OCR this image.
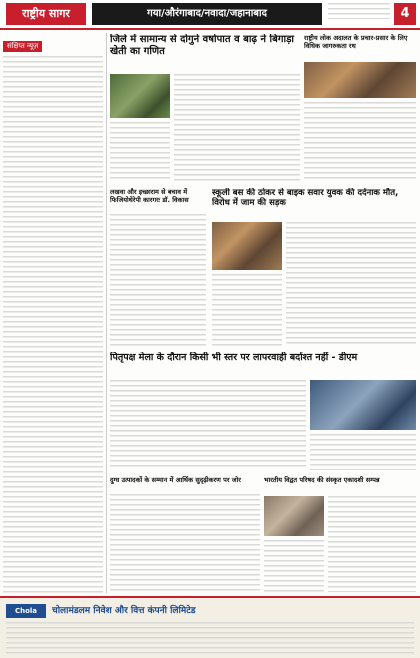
राष्ट्रीय सागर	गया/औरंगाबाद/नवादा/जहानाबाद	4
संक्षिप्त न्यूज़
जिले में सामान्य से दोगुने वर्षापात व बाढ़ ने बिगाड़ा खेती का गणित
राष्ट्रीय लोक अदालत के प्रचार-प्रसार के लिए विधिक जागरुकता रथ
लखवा और इच्छाराम से बचाव में फिजियोथेरेपी कारगरः डॉ. विकास
स्कूली बस की ठोकर से बाइक सवार युवक की दर्दनाक मौत, विरोध में जाम की सड़क
पितृपक्ष मेला के दौरान किसी भी स्तर पर लापरवाही बर्दाश्त नहीं - डीएम
दुग्ध उत्पादकों के सम्मान में आर्थिक सुदृढ़ीकरण पर जोर	भारतीय विद्वत परिषद की संस्कृत एकादशी सम्पन्न
Chola	चोलामंडलम निवेश और वित्त कंपनी लिमिटेड
